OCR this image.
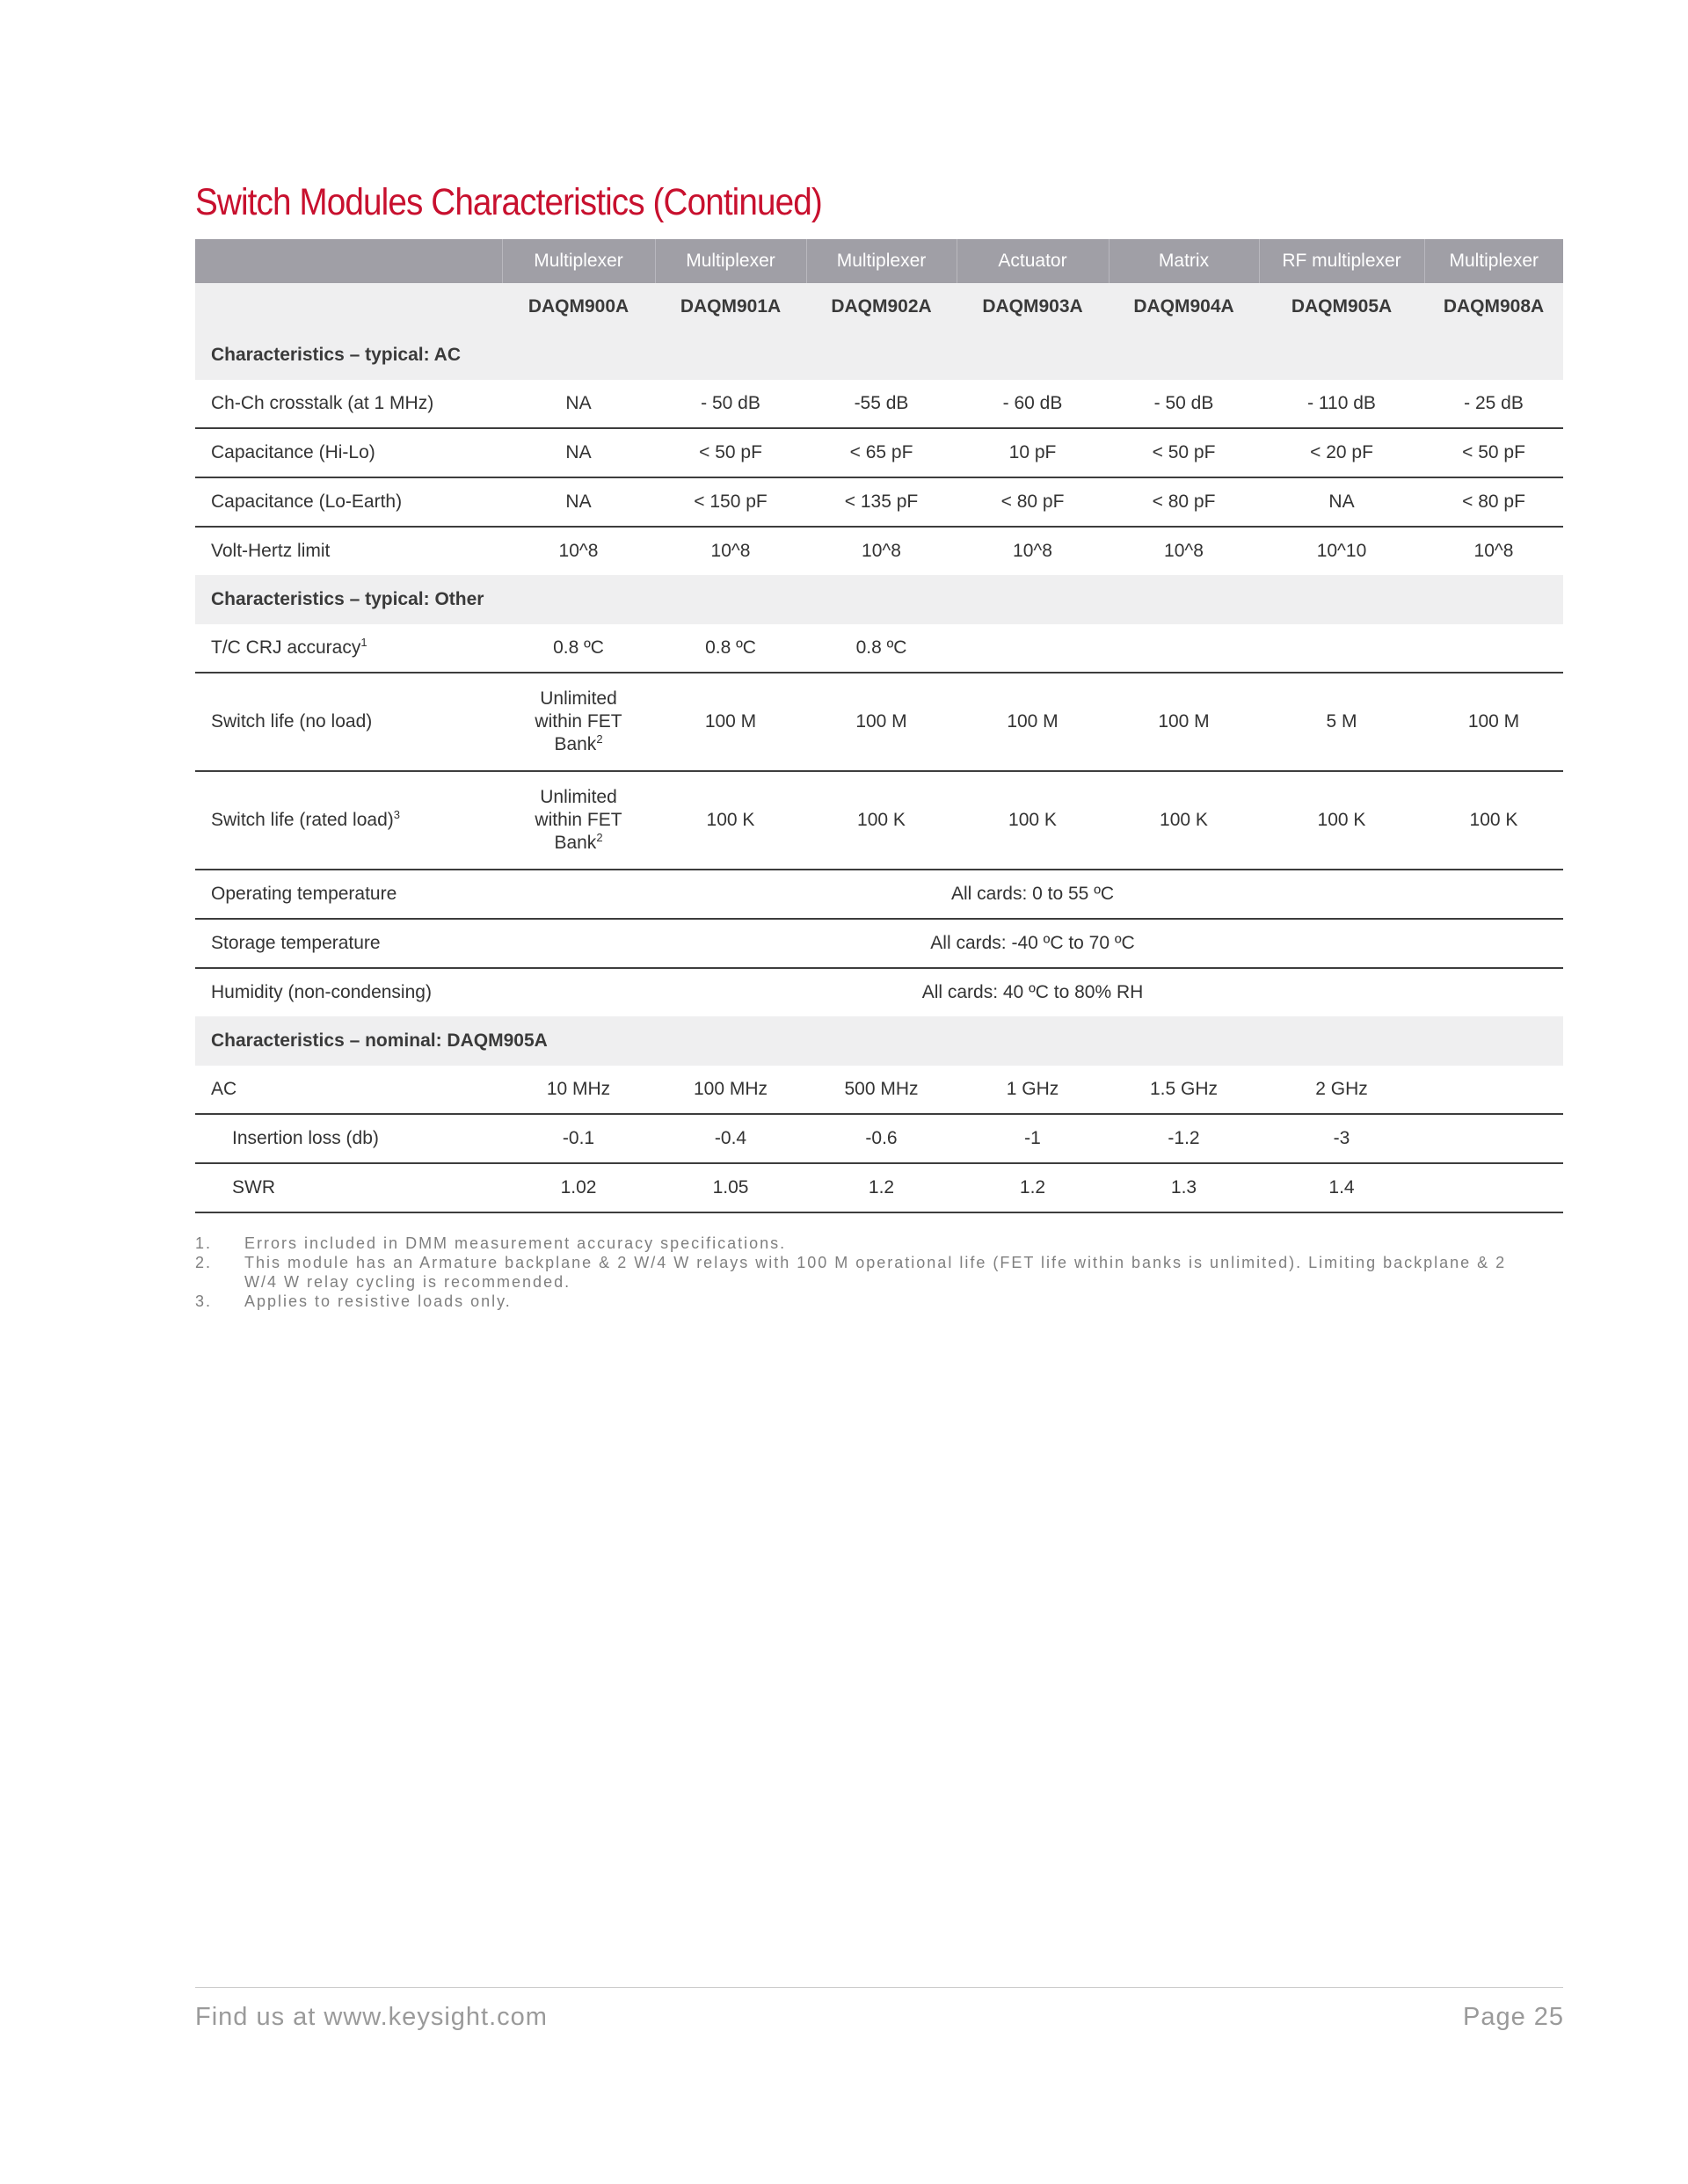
Switch Modules Characteristics (Continued)
	Multiplexer	Multiplexer	Multiplexer	Actuator	Matrix	RF multiplexer	Multiplexer
	DAQM900A	DAQM901A	DAQM902A	DAQM903A	DAQM904A	DAQM905A	DAQM908A
Characteristics – typical: AC							
Ch-Ch crosstalk (at 1 MHz)	NA	- 50 dB	-55 dB	- 60 dB	- 50 dB	- 110 dB	- 25 dB
Capacitance (Hi-Lo)	NA	< 50 pF	< 65 pF	10 pF	< 50 pF	< 20 pF	< 50 pF
Capacitance (Lo-Earth)	NA	< 150 pF	< 135 pF	< 80 pF	< 80 pF	NA	< 80 pF
Volt-Hertz limit	10^8	10^8	10^8	10^8	10^8	10^10	10^8
Characteristics – typical: Other							
T/C CRJ accuracy$^1$	0.8 ºC	0.8 ºC	0.8 ºC				
Switch life (no load)	Unlimited
within FET
Bank$^2$	100 M	100 M	100 M	100 M	5 M	100 M
Switch life (rated load)$^3$	Unlimited
within FET
Bank$^2$	100 K	100 K	100 K	100 K	100 K	100 K
Operating temperature	All cards: 0 to 55 ºC						
Storage temperature	All cards: -40 ºC to 70 ºC						
Humidity (non-condensing)	All cards: 40 ºC to 80% RH						
Characteristics – nominal: DAQM905A							
AC	10 MHz	100 MHz	500 MHz	1 GHz	1.5 GHz	2 GHz	
Insertion loss (db)	-0.1	-0.4	-0.6	-1	-1.2	-3	
SWR	1.02	1.05	1.2	1.2	1.3	1.4	
1.	Errors included in DMM measurement accuracy specifications.
2.	This module has an Armature backplane & 2 W/4 W relays with 100 M operational life (FET life within banks is unlimited). Limiting backplane & 2 W/4 W relay cycling is recommended.
3.	Applies to resistive loads only.
Find us at www.keysight.com	Page 25
